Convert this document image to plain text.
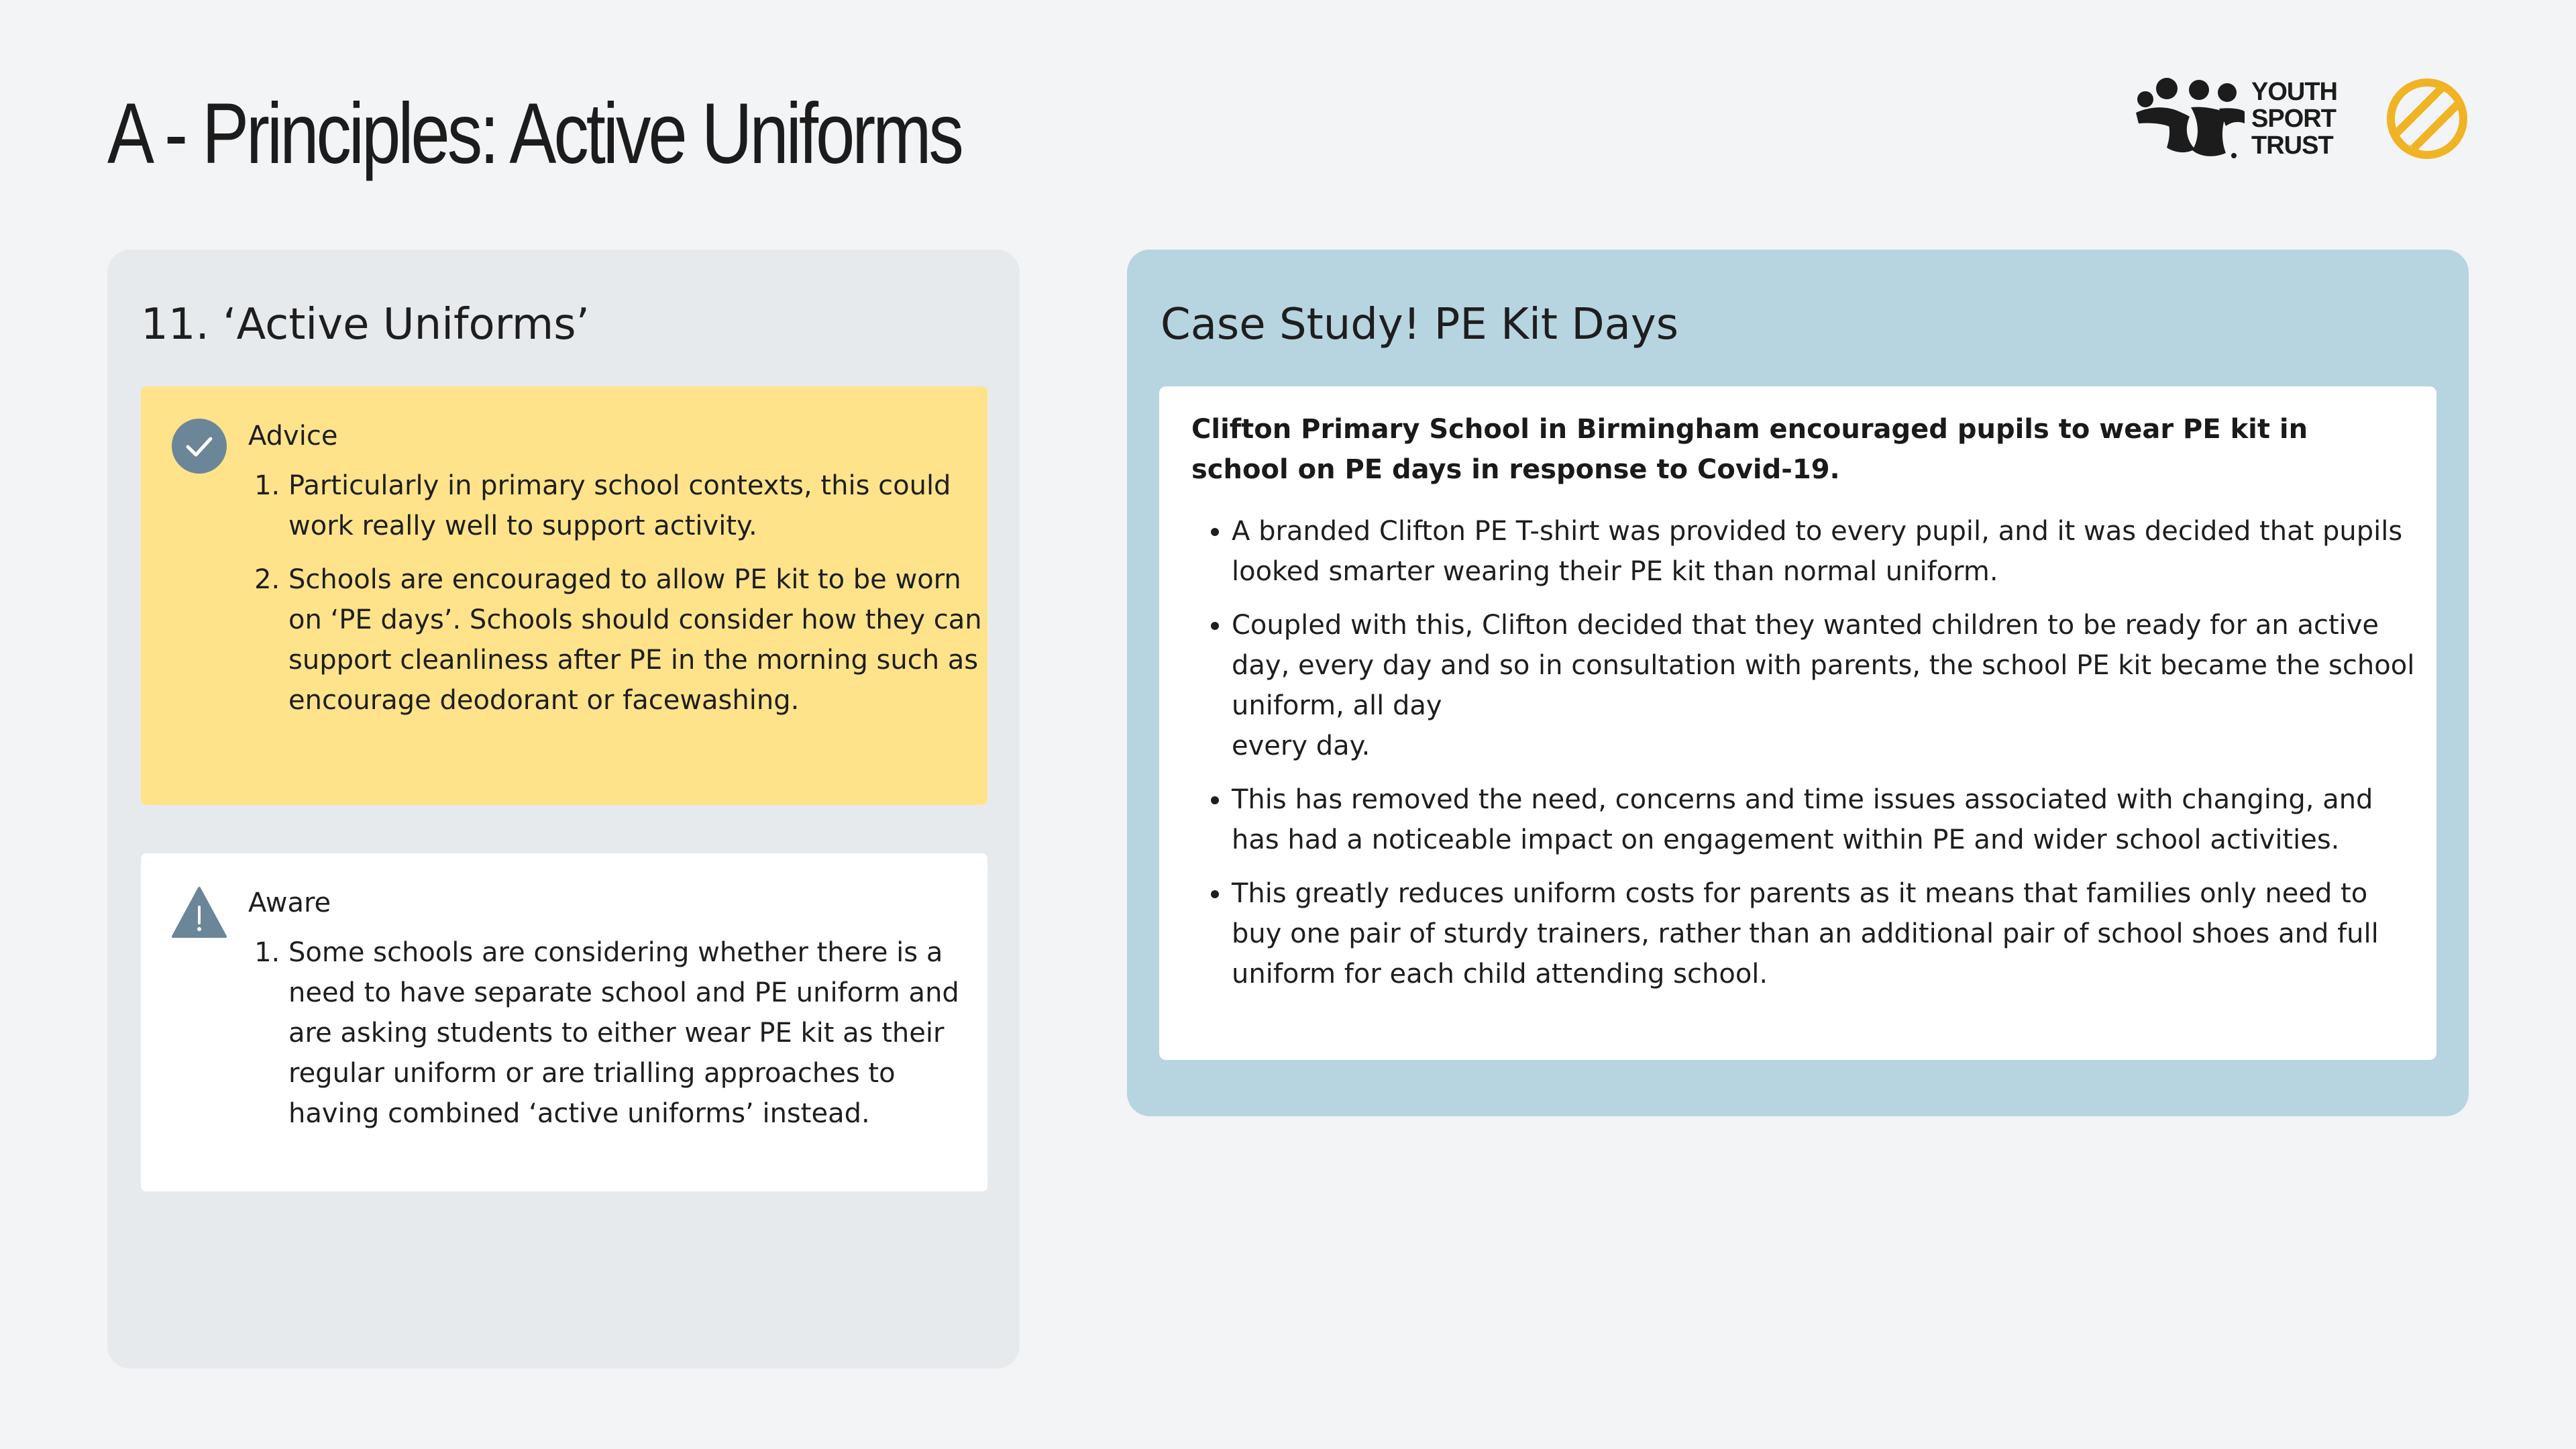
A - Principles: Active Uniforms	YOUTH
SPORT
TRUST
11. ‘Active Uniforms’
Advice
1. Particularly in primary school contexts, this could work really well to support activity.
2. Schools are encouraged to allow PE kit to be worn on ‘PE days’. Schools should consider how they can support cleanliness after PE in the morning such as encourage deodorant or facewashing.
Aware
1. Some schools are considering whether there is a need to have separate school and PE uniform and are asking students to either wear PE kit as their regular uniform or are trialling approaches to having combined ‘active uniforms’ instead.
Case Study! PE Kit Days

Clifton Primary School in Birmingham encouraged pupils to wear PE kit in school on PE days in response to Covid-19.

• A branded Clifton PE T-shirt was provided to every pupil, and it was decided that pupils looked smarter wearing their PE kit than normal uniform.
• Coupled with this, Clifton decided that they wanted children to be ready for an active day, every day and so in consultation with parents, the school PE kit became the school uniform, all day
every day.
• This has removed the need, concerns and time issues associated with changing, and has had a noticeable impact on engagement within PE and wider school activities.
• This greatly reduces uniform costs for parents as it means that families only need to buy one pair of sturdy trainers, rather than an additional pair of school shoes and full uniform for each child attending school.
